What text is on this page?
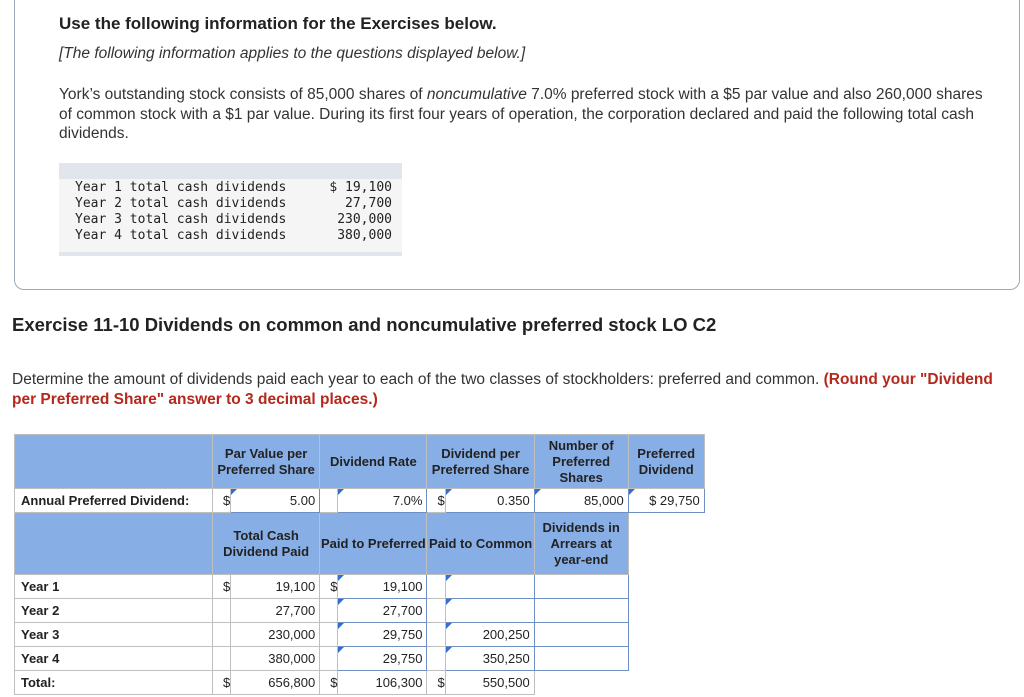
Use the following information for the Exercises below.
[The following information applies to the questions displayed below.]
York’s outstanding stock consists of 85,000 shares of noncumulative 7.0% preferred stock with a $5 par value and also 260,000 shares of common stock with a $1 par value. During its first four years of operation, the corporation declared and paid the following total cash dividends.
Year 1 total cash dividends	$ 19,100
Year 2 total cash dividends	27,700
Year 3 total cash dividends	230,000
Year 4 total cash dividends	380,000
Exercise 11-10 Dividends on common and noncumulative preferred stock LO C2
Determine the amount of dividends paid each year to each of the two classes of stockholders: preferred and common. (Round your "Dividend per Preferred Share" answer to 3 decimal places.)
	Par Value per Preferred Share		Dividend Rate		Dividend per Preferred Share		Number of Preferred Shares	Preferred Dividend
Annual Preferred Dividend:	$	5.00		7.0%	$	0.350	85,000	$ 29,750
	Total Cash Dividend Paid		Paid to Preferred		Paid to Common		Dividends in Arrears at year-end	
Year 1	$	19,100	$	19,100				
Year 2		27,700		27,700				
Year 3		230,000		29,750		200,250		
Year 4		380,000		29,750		350,250		
Total:	$	656,800	$	106,300	$	550,500		
